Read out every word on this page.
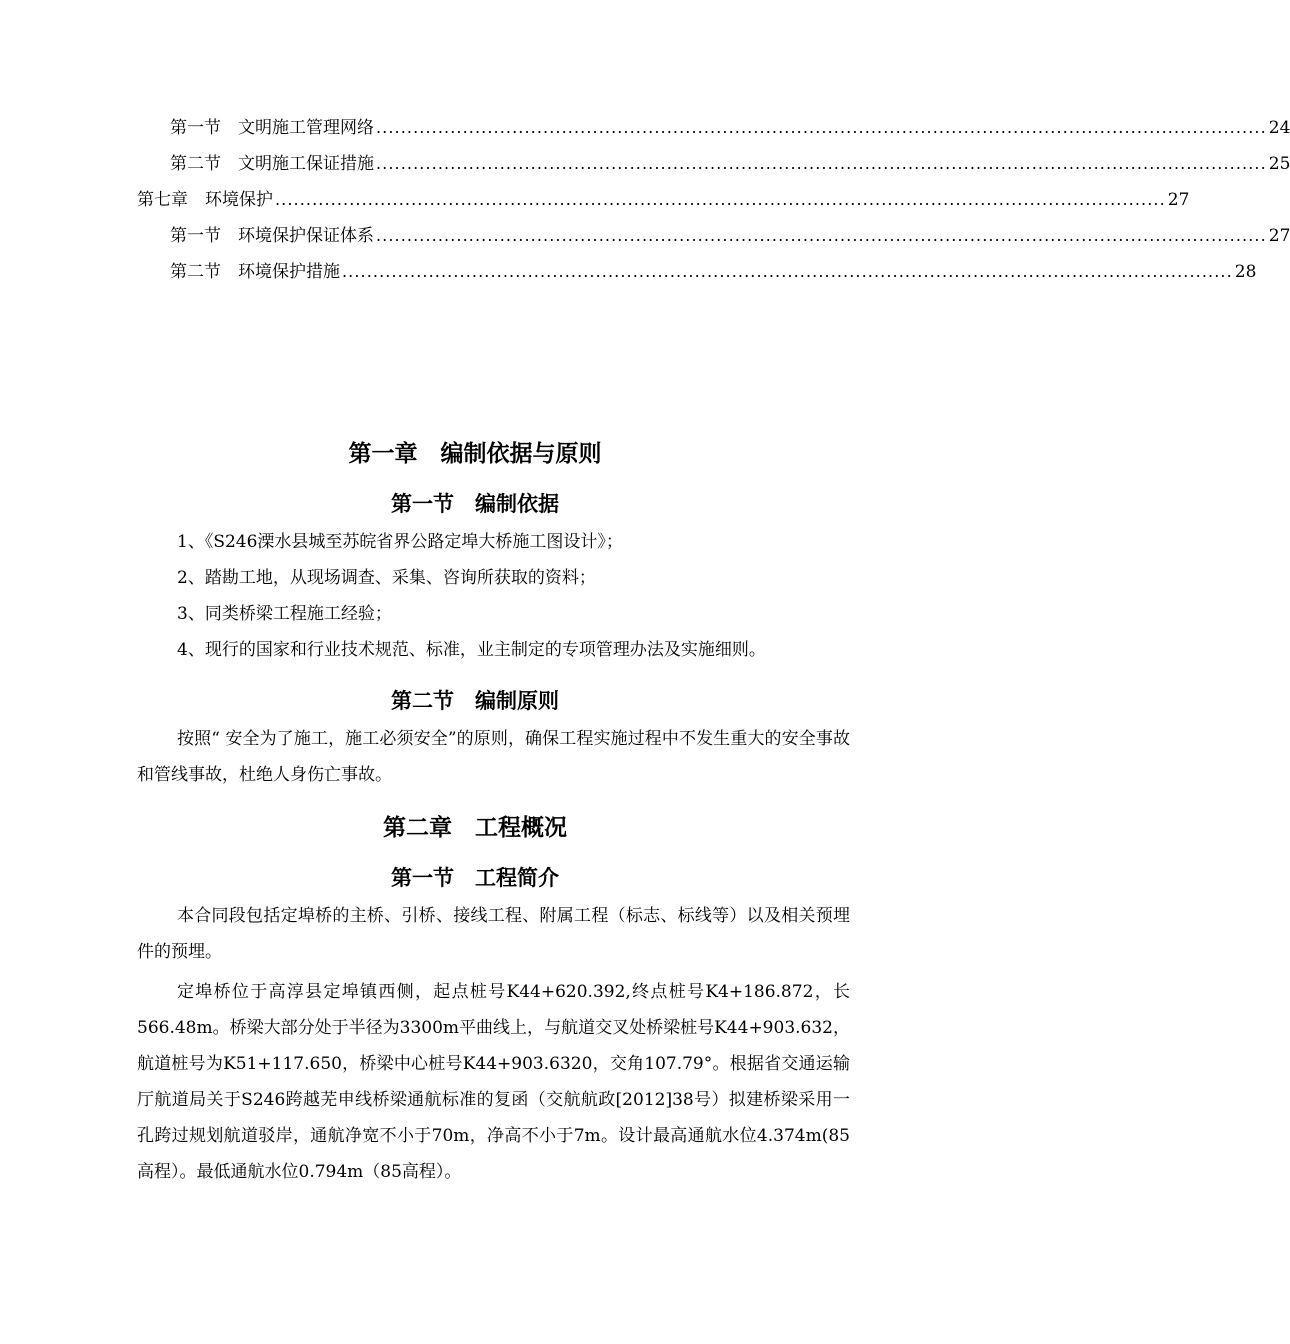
第一节　文明施工管理网络 ................................................................................................................................................ 24
第二节　文明施工保证措施 ................................................................................................................................................ 25
第七章　环境保护 ................................................................................................................................................ 27
第一节　环境保护保证体系 ................................................................................................................................................ 27
第二节　环境保护措施 ................................................................................................................................................ 28
第一章　编制依据与原则
第一节　编制依据

1、《S246溧水县城至苏皖省界公路定埠大桥施工图设计》；

2、踏勘工地，从现场调查、采集、咨询所获取的资料；

3、同类桥梁工程施工经验；

4、现行的国家和行业技术规范、标准，业主制定的专项管理办法及实施细则。

第二节　编制原则

按照“ 安全为了施工，施工必须安全”的原则，确保工程实施过程中不发生重大的安全事故和管线事故，杜绝人身伤亡事故。

第二章　工程概况
第一节　工程简介

本合同段包括定埠桥的主桥、引桥、接线工程、附属工程（标志、标线等）以及相关预埋件的预埋。

定埠桥位于高淳县定埠镇西侧，起点桩号K44+620.392,终点桩号K4+186.872，长566.48m。桥梁大部分处于半径为3300m平曲线上，与航道交叉处桥梁桩号K44+903.632，航道桩号为K51+117.650，桥梁中心桩号K44+903.6320，交角107.79°。根据省交通运输厅航道局关于S246跨越芜申线桥梁通航标准的复函（交航航政[2012]38号）拟建桥梁采用一孔跨过规划航道驳岸，通航净宽不小于70m，净高不小于7m。设计最高通航水位4.374m(85高程）。最低通航水位0.794m（85高程）。
